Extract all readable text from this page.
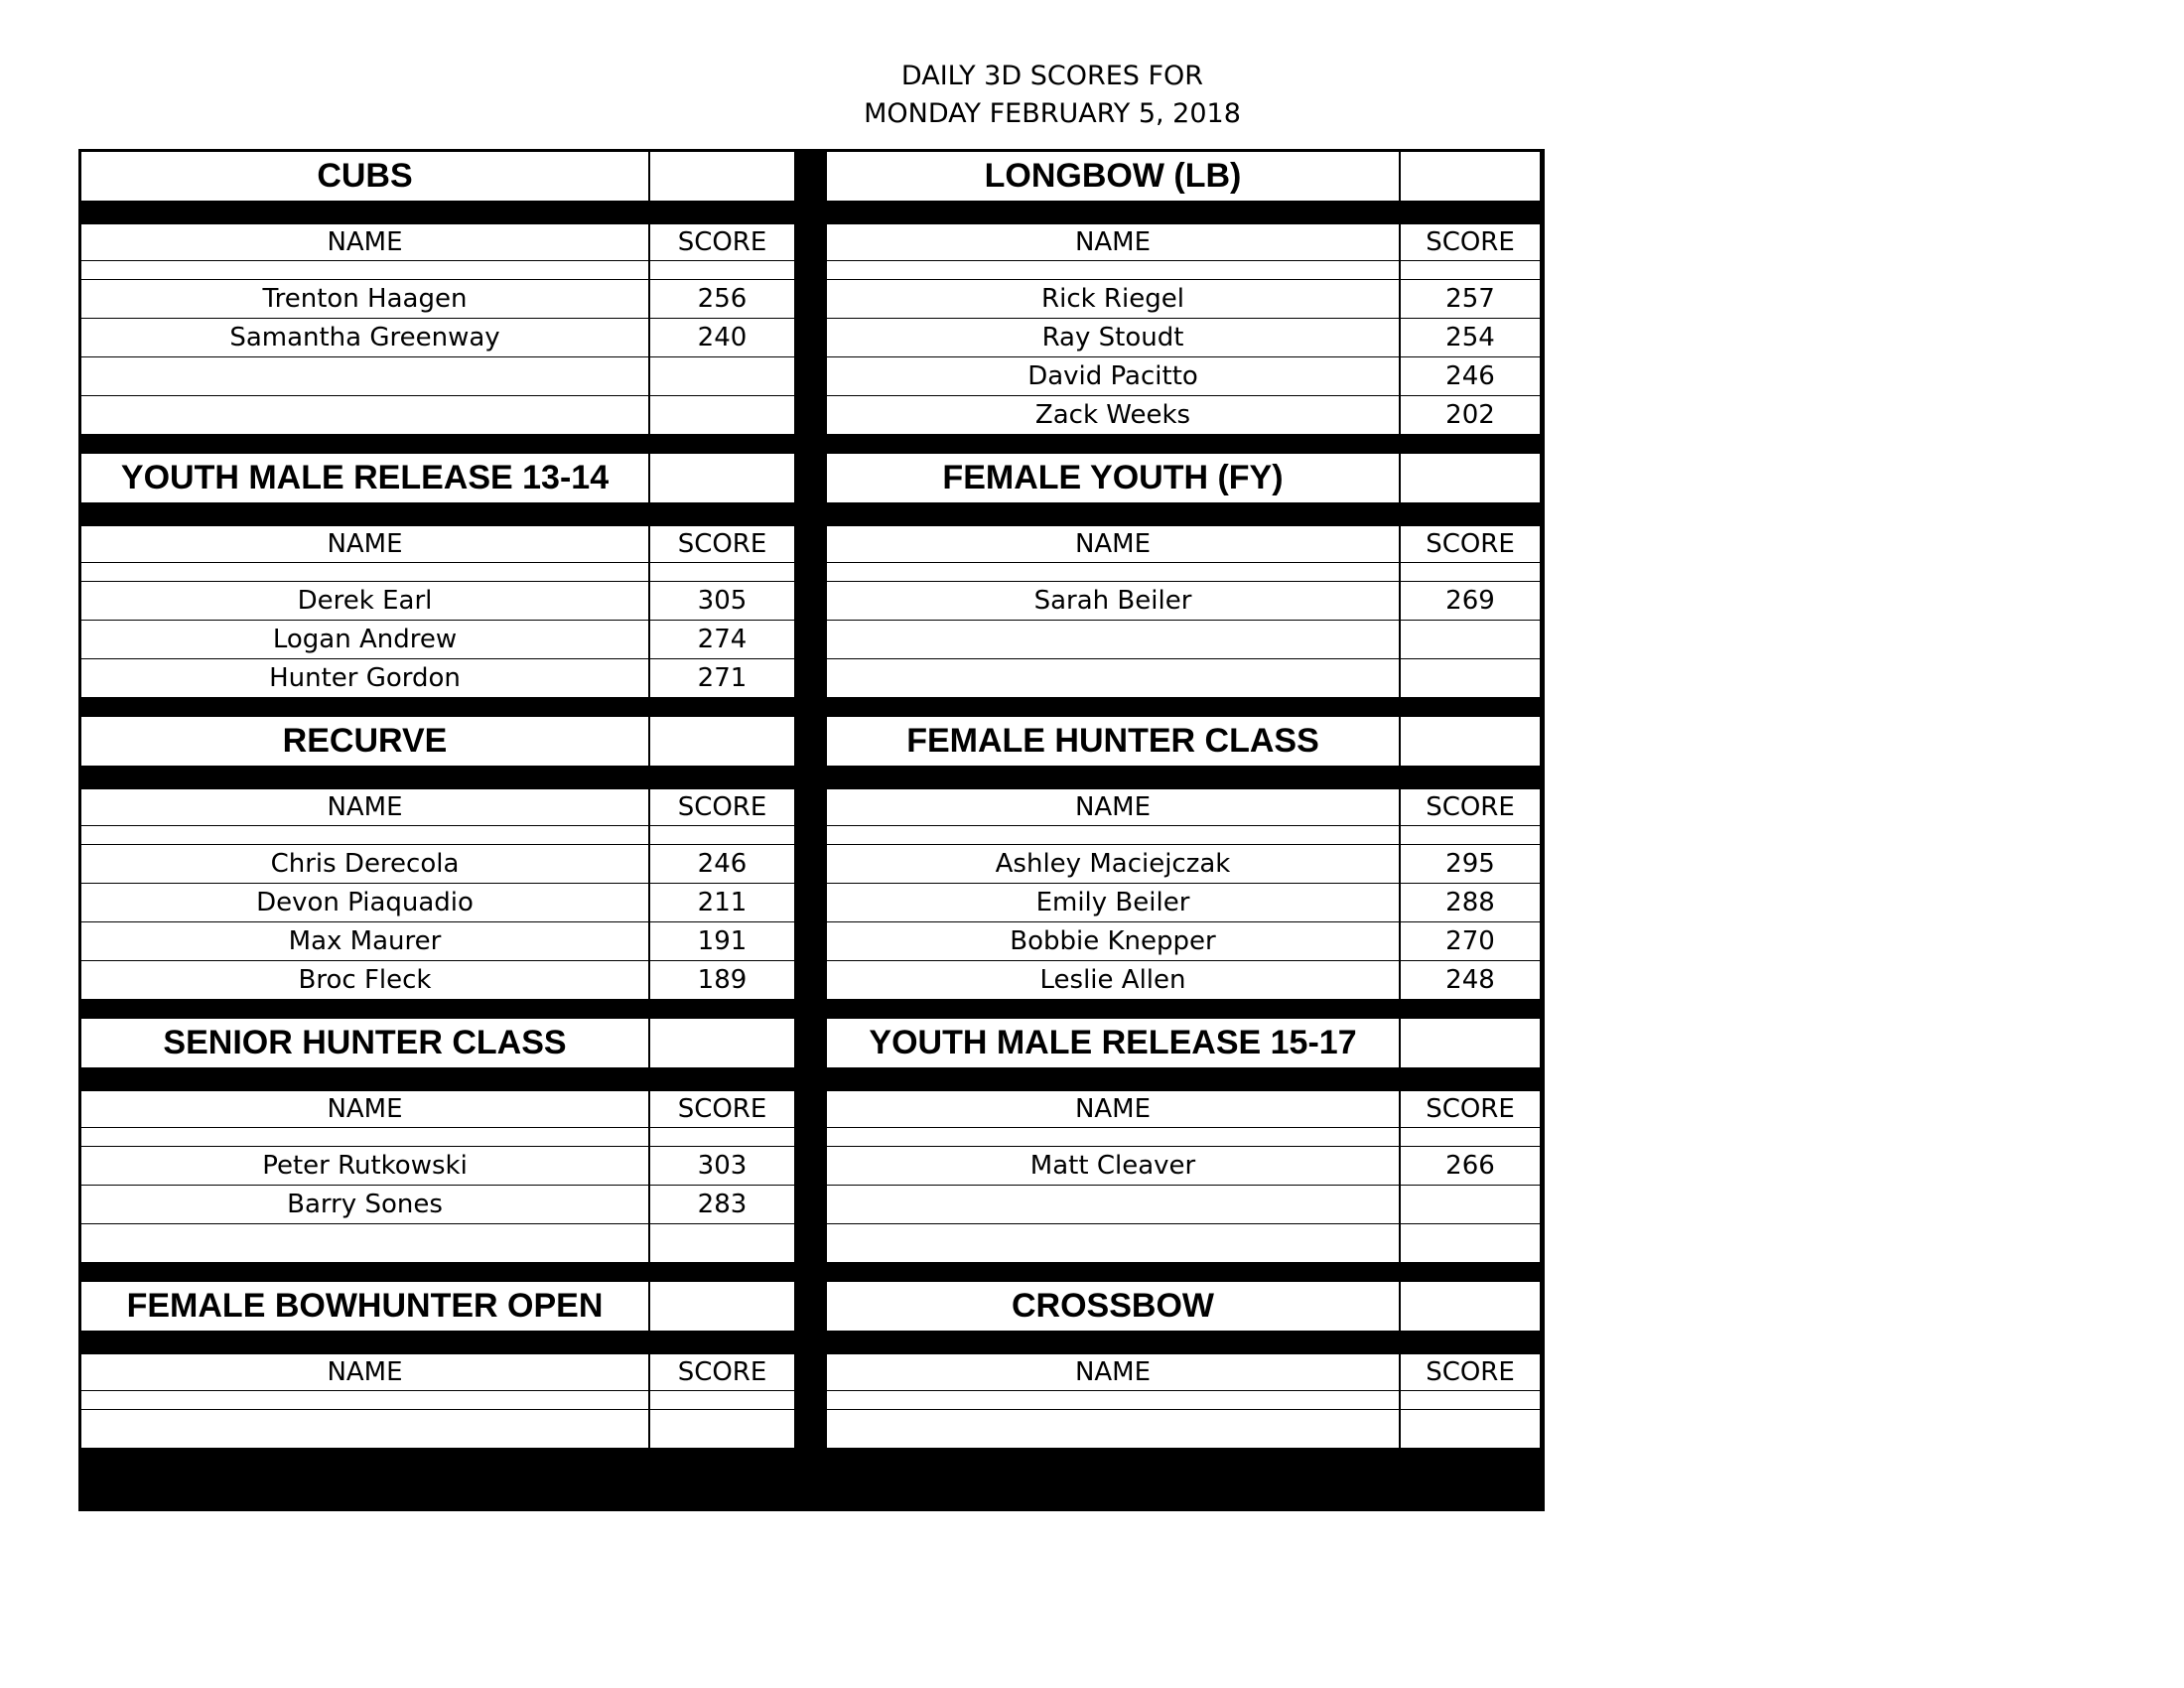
DAILY 3D SCORES FOR
MONDAY FEBRUARY 5, 2018
CUBS
NAME	SCORE
Trenton Haagen	256
Samantha Greenway	240
LONGBOW (LB)
NAME	SCORE
Rick Riegel	257
Ray Stoudt	254
David Pacitto	246
Zack Weeks	202
YOUTH MALE RELEASE 13-14
NAME	SCORE
Derek Earl	305
Logan Andrew	274
Hunter Gordon	271
FEMALE YOUTH (FY)
NAME	SCORE
Sarah Beiler	269
RECURVE
NAME	SCORE
Chris Derecola	246
Devon Piaquadio	211
Max Maurer	191
Broc Fleck	189
FEMALE HUNTER CLASS
NAME	SCORE
Ashley Maciejczak	295
Emily Beiler	288
Bobbie Knepper	270
Leslie Allen	248
SENIOR HUNTER CLASS
NAME	SCORE
Peter Rutkowski	303
Barry Sones	283
YOUTH MALE RELEASE 15-17
NAME	SCORE
Matt Cleaver	266
FEMALE BOWHUNTER OPEN
NAME	SCORE
CROSSBOW
NAME	SCORE
